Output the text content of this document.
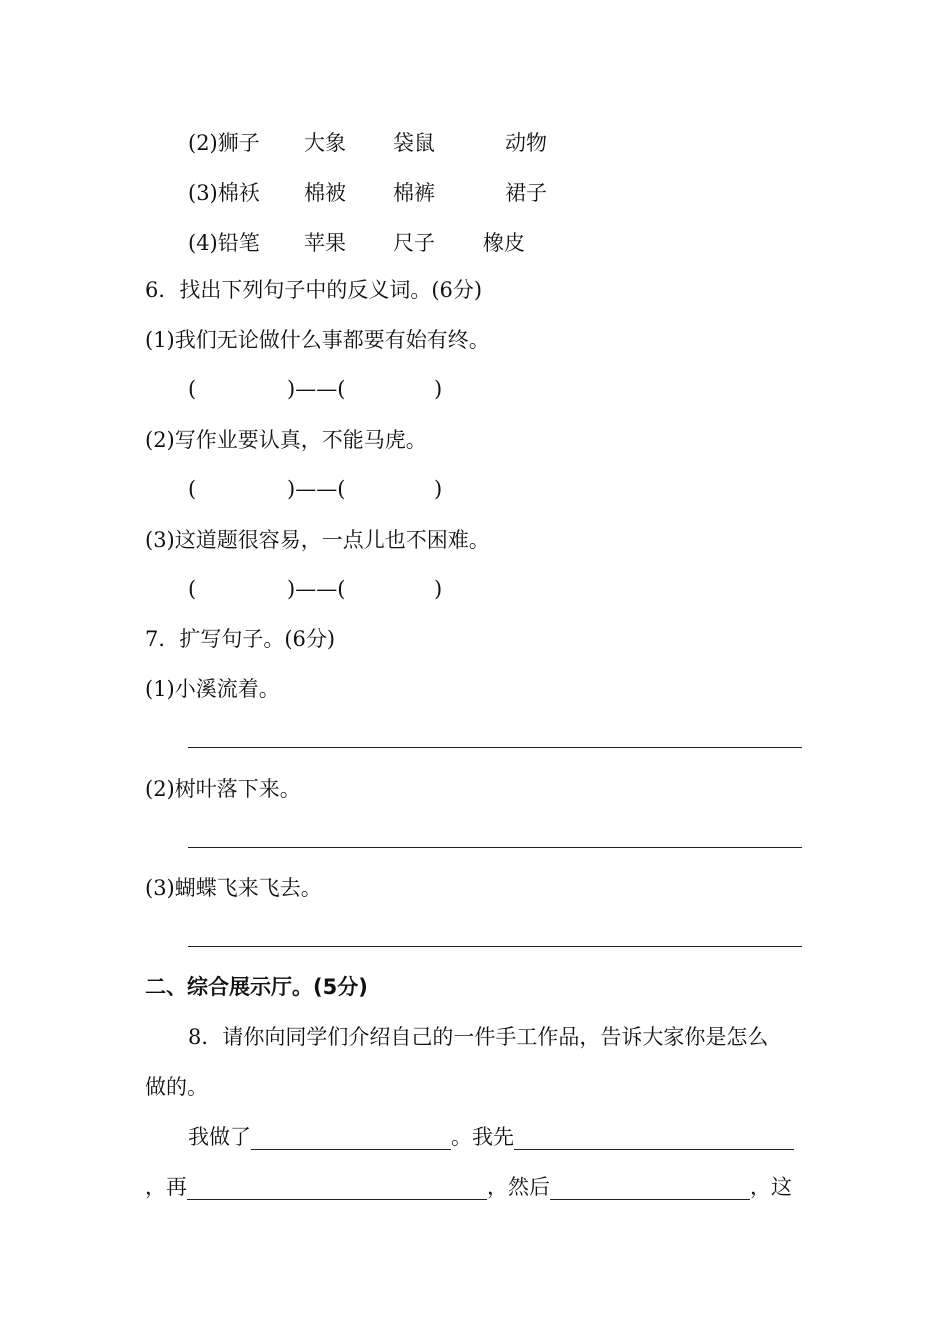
(2)狮子 大象 袋鼠	动物
(3)棉袄 棉被 棉裤	裙子
(4)铅笔 苹果 尺子 橡皮
6．找出下列句子中的反义词。(6分)
(1)我们无论做什么事都要有始有终。
(	)——(	)
(2)写作业要认真，不能马虎。
(	)——(	)
(3)这道题很容易，一点儿也不困难。
(	)——(	)
7．扩写句子。(6分)
(1)小溪流着。
(2)树叶落下来。
(3)蝴蝶飞来飞去。
二、综合展示厅。(5分)
8．请你向同学们介绍自己的一件手工作品，告诉大家你是怎么
做的。
我做了	。我先
，再	，然后	，这
